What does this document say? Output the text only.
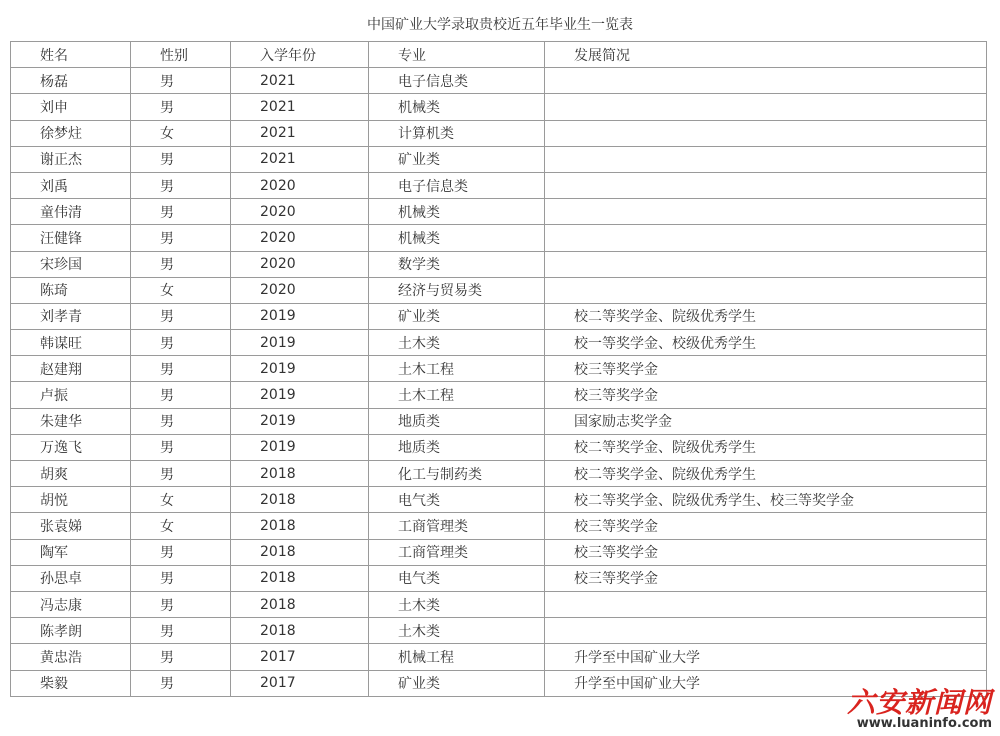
中国矿业大学录取贵校近五年毕业生一览表
姓名	性别	入学年份	专业	发展简况
杨磊	男	2021	电子信息类	
刘申	男	2021	机械类	
徐梦炷	女	2021	计算机类	
谢正杰	男	2021	矿业类	
刘禹	男	2020	电子信息类	
童伟清	男	2020	机械类	
汪健锋	男	2020	机械类	
宋珍国	男	2020	数学类	
陈琦	女	2020	经济与贸易类	
刘孝青	男	2019	矿业类	校二等奖学金、院级优秀学生
韩谋旺	男	2019	土木类	校一等奖学金、校级优秀学生
赵建翔	男	2019	土木工程	校三等奖学金
卢振	男	2019	土木工程	校三等奖学金
朱建华	男	2019	地质类	国家励志奖学金
万逸飞	男	2019	地质类	校二等奖学金、院级优秀学生
胡爽	男	2018	化工与制药类	校二等奖学金、院级优秀学生
胡悦	女	2018	电气类	校二等奖学金、院级优秀学生、校三等奖学金
张袁娣	女	2018	工商管理类	校三等奖学金
陶军	男	2018	工商管理类	校三等奖学金
孙思卓	男	2018	电气类	校三等奖学金
冯志康	男	2018	土木类	
陈孝朗	男	2018	土木类	
黄忠浩	男	2017	机械工程	升学至中国矿业大学
柴毅	男	2017	矿业类	升学至中国矿业大学
六安新闻网
www.luaninfo.com
